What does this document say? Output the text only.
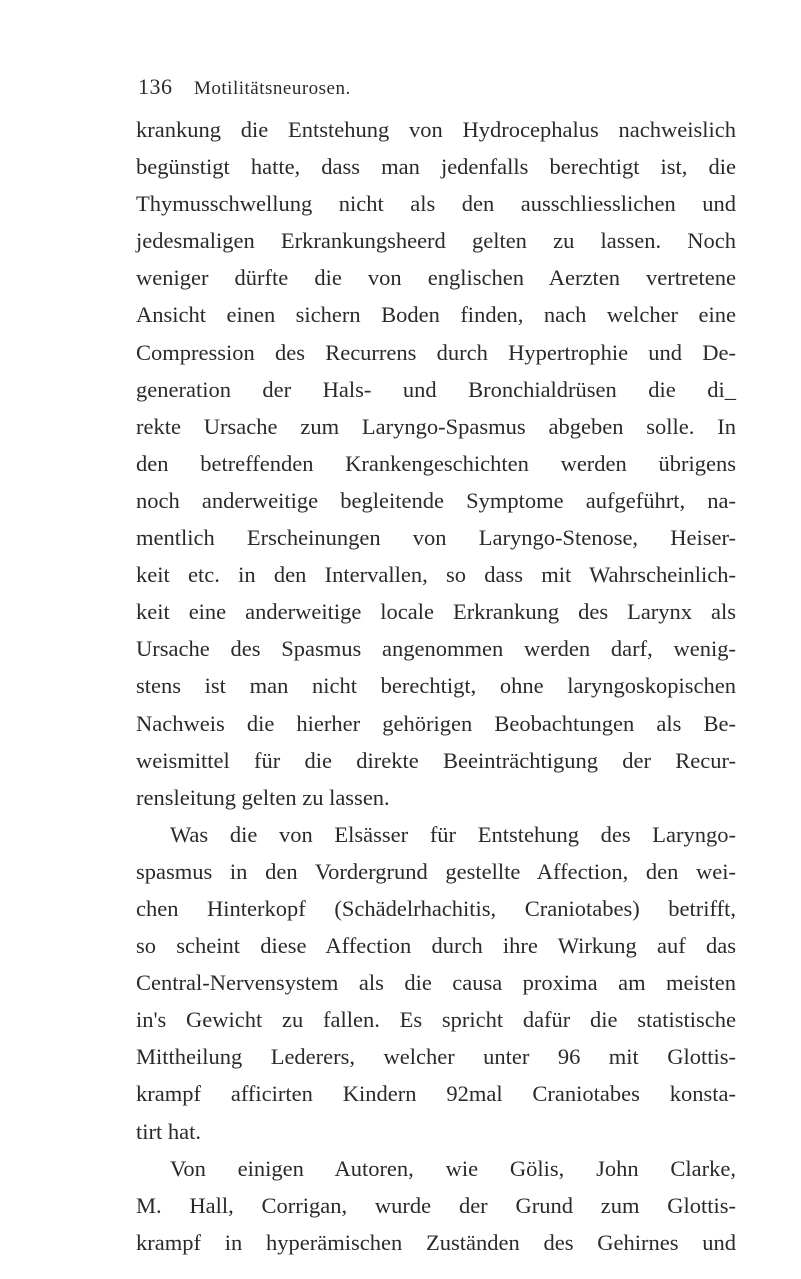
136 Motilitätsneurosen.
krankung die Entstehung von Hydrocephalus nachweislich
begünstigt hatte, dass man jedenfalls berechtigt ist, die
Thymusschwellung nicht als den ausschliesslichen und
jedesmaligen Erkrankungsheerd gelten zu lassen. Noch
weniger dürfte die von englischen Aerzten vertretene
Ansicht einen sichern Boden finden, nach welcher eine
Compression des Recurrens durch Hypertrophie und De-
generation der Hals- und Bronchialdrüsen die di_
rekte Ursache zum Laryngo-Spasmus abgeben solle. In
den betreffenden Krankengeschichten werden übrigens
noch anderweitige begleitende Symptome aufgeführt, na-
mentlich Erscheinungen von Laryngo-Stenose, Heiser-
keit etc. in den Intervallen, so dass mit Wahrscheinlich-
keit eine anderweitige locale Erkrankung des Larynx als
Ursache des Spasmus angenommen werden darf, wenig-
stens ist man nicht berechtigt, ohne laryngoskopischen
Nachweis die hierher gehörigen Beobachtungen als Be-
weismittel für die direkte Beeinträchtigung der Recur-
rensleitung gelten zu lassen.
Was die von Elsässer für Entstehung des Laryngo-
spasmus in den Vordergrund gestellte Affection, den wei-
chen Hinterkopf (Schädelrhachitis, Craniotabes) betrifft,
so scheint diese Affection durch ihre Wirkung auf das
Central-Nervensystem als die causa proxima am meisten
in's Gewicht zu fallen. Es spricht dafür die statistische
Mittheilung Lederers, welcher unter 96 mit Glottis-
krampf afficirten Kindern 92mal Craniotabes konsta-
tirt hat.
Von einigen Autoren, wie Gölis, John Clarke,
M. Hall, Corrigan, wurde der Grund zum Glottis-
krampf in hyperämischen Zuständen des Gehirnes und
